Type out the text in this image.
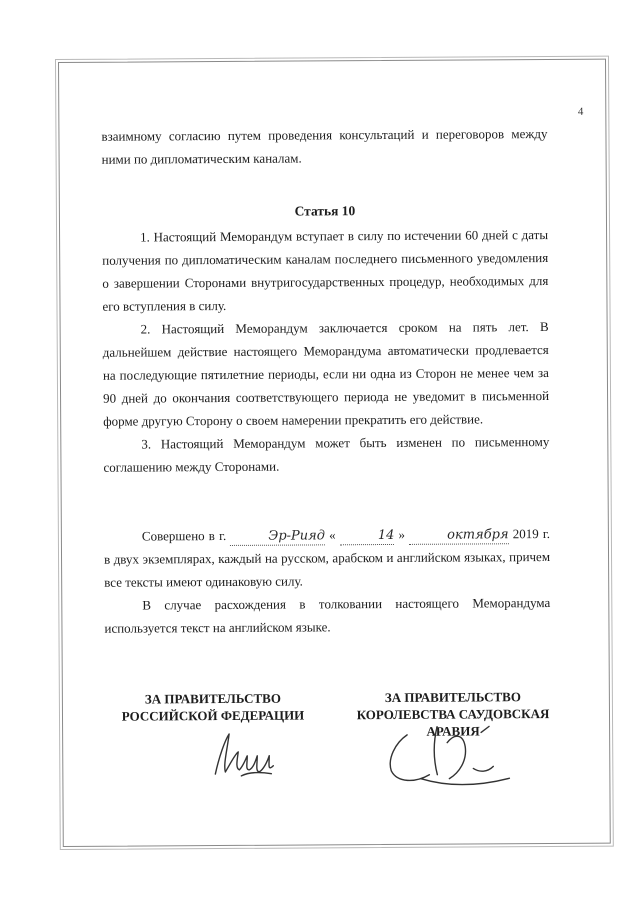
4

взаимному согласию путем проведения консультаций и переговоров между ними по дипломатическим каналам.

Статья 10

1. Настоящий Меморандум вступает в силу по истечении 60 дней с даты получения по дипломатическим каналам последнего письменного уведомления о завершении Сторонами внутригосударственных процедур, необходимых для его вступления в силу.

2. Настоящий Меморандум заключается сроком на пять лет. В дальнейшем действие настоящего Меморандума автоматически продлевается на последующие пятилетние периоды, если ни одна из Сторон не менее чем за 90 дней до окончания соответствующего периода не уведомит в письменной форме другую Сторону о своем намерении прекратить его действие.

3. Настоящий Меморандум может быть изменен по письменному соглашению между Сторонами.

Совершено в г.	Эр-Рияд «	14 »	октября 2019 г. в двух экземплярах, каждый на русском, арабском и английском языках, причем все тексты имеют одинаковую силу.

В случае расхождения в толковании настоящего Меморандума используется текст на английском языке.

ЗА ПРАВИТЕЛЬСТВО
РОССИЙСКОЙ ФЕДЕРАЦИИ
ЗА ПРАВИТЕЛЬСТВО
КОРОЛЕВСТВА САУДОВСКАЯ
АРАВИЯ
